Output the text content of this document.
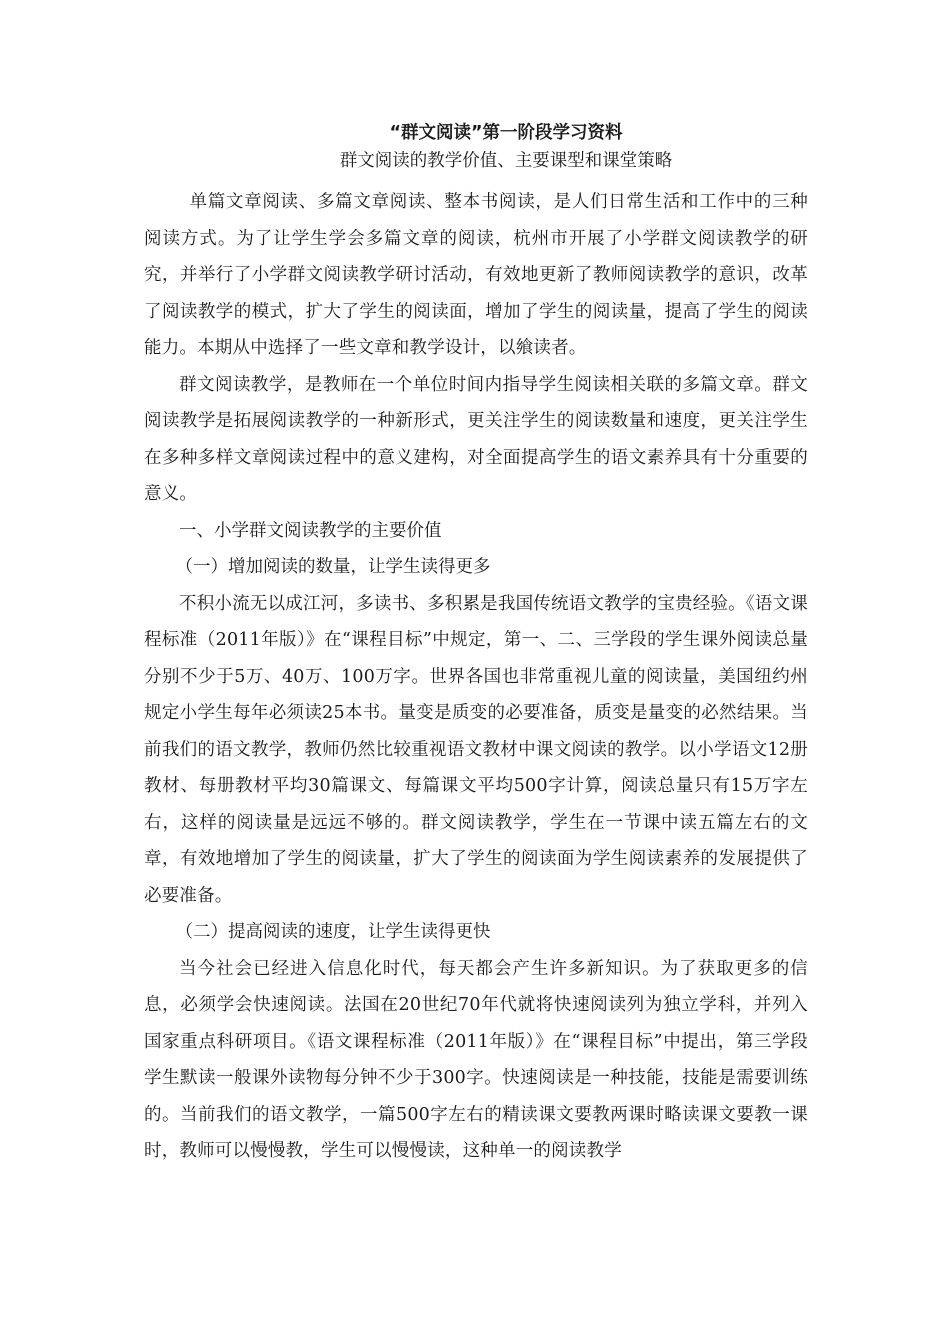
“群文阅读”第一阶段学习资料
群文阅读的教学价值、主要课型和课堂策略

单篇文章阅读、多篇文章阅读、整本书阅读，是人们日常生活和工作中的三种阅读方式。为了让学生学会多篇文章的阅读，杭州市开展了小学群文阅读教学的研究，并举行了小学群文阅读教学研讨活动，有效地更新了教师阅读教学的意识，改革了阅读教学的模式，扩大了学生的阅读面，增加了学生的阅读量，提高了学生的阅读能力。本期从中选择了一些文章和教学设计，以飨读者。

群文阅读教学，是教师在一个单位时间内指导学生阅读相关联的多篇文章。群文阅读教学是拓展阅读教学的一种新形式，更关注学生的阅读数量和速度，更关注学生在多种多样文章阅读过程中的意义建构，对全面提高学生的语文素养具有十分重要的意义。

一、小学群文阅读教学的主要价值

（一）增加阅读的数量，让学生读得更多

不积小流无以成江河，多读书、多积累是我国传统语文教学的宝贵经验。《语文课程标准（2011年版）》在“课程目标”中规定，第一、二、三学段的学生课外阅读总量分别不少于5万、40万、100万字。世界各国也非常重视儿童的阅读量，美国纽约州规定小学生每年必须读25本书。量变是质变的必要准备，质变是量变的必然结果。当前我们的语文教学，教师仍然比较重视语文教材中课文阅读的教学。以小学语文12册教材、每册教材平均30篇课文、每篇课文平均500字计算，阅读总量只有15万字左右，这样的阅读量是远远不够的。群文阅读教学，学生在一节课中读五篇左右的文章，有效地增加了学生的阅读量，扩大了学生的阅读面为学生阅读素养的发展提供了必要准备。

（二）提高阅读的速度，让学生读得更快

当今社会已经进入信息化时代，每天都会产生许多新知识。为了获取更多的信息，必须学会快速阅读。法国在20世纪70年代就将快速阅读列为独立学科，并列入国家重点科研项目。《语文课程标准（2011年版）》在“课程目标”中提出，第三学段学生默读一般课外读物每分钟不少于300字。快速阅读是一种技能，技能是需要训练的。当前我们的语文教学，一篇500字左右的精读课文要教两课时略读课文要教一课时，教师可以慢慢教，学生可以慢慢读，这种单一的阅读教学
